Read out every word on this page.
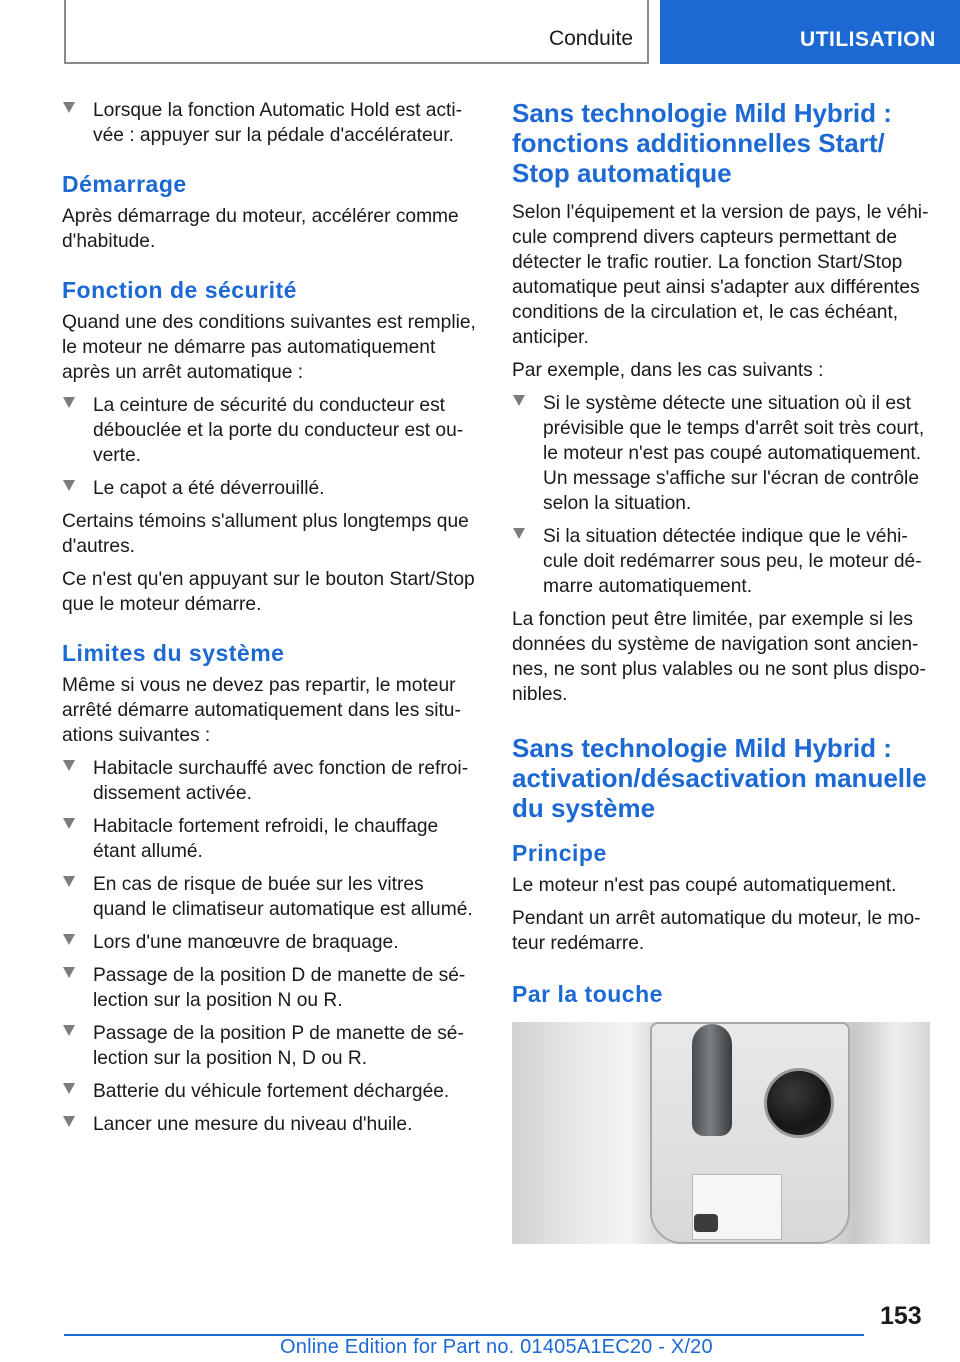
Conduite	UTILISATION
Lorsque la fonction Automatic Hold est activée : appuyer sur la pédale d'accélérateur.
Démarrage

Après démarrage du moteur, accélérer comme d'habitude.

Fonction de sécurité

Quand une des conditions suivantes est remplie, le moteur ne démarre pas automatiquement après un arrêt automatique :

La ceinture de sécurité du conducteur est débouclée et la porte du conducteur est ouverte.
Le capot a été déverrouillé.

Certains témoins s'allument plus longtemps que d'autres.

Ce n'est qu'en appuyant sur le bouton Start/Stop que le moteur démarre.

Limites du système

Même si vous ne devez pas repartir, le moteur arrêté démarre automatiquement dans les situations suivantes :

Habitacle surchauffé avec fonction de refroidissement activée.
Habitacle fortement refroidi, le chauffage étant allumé.
En cas de risque de buée sur les vitres quand le climatiseur automatique est allumé.
Lors d'une manœuvre de braquage.
Passage de la position D de manette de sélection sur la position N ou R.
Passage de la position P de manette de sélection sur la position N, D ou R.
Batterie du véhicule fortement déchargée.
Lancer une mesure du niveau d'huile.
Sans technologie Mild Hybrid : fonctions additionnelles Start/ Stop automatique

Selon l'équipement et la version de pays, le véhicule comprend divers capteurs permettant de détecter le trafic routier. La fonction Start/Stop automatique peut ainsi s'adapter aux différentes conditions de la circulation et, le cas échéant, anticiper.

Par exemple, dans les cas suivants :

Si le système détecte une situation où il est prévisible que le temps d'arrêt soit très court, le moteur n'est pas coupé automatiquement. Un message s'affiche sur l'écran de contrôle selon la situation.
Si la situation détectée indique que le véhicule doit redémarrer sous peu, le moteur démarre automatiquement.

La fonction peut être limitée, par exemple si les données du système de navigation sont anciennes, ne sont plus valables ou ne sont plus disponibles.

Sans technologie Mild Hybrid : activation/désactivation manuelle du système
Principe

Le moteur n'est pas coupé automatiquement.

Pendant un arrêt automatique du moteur, le moteur redémarre.

Par la touche
153
Online Edition for Part no. 01405A1EC20 - X/20
